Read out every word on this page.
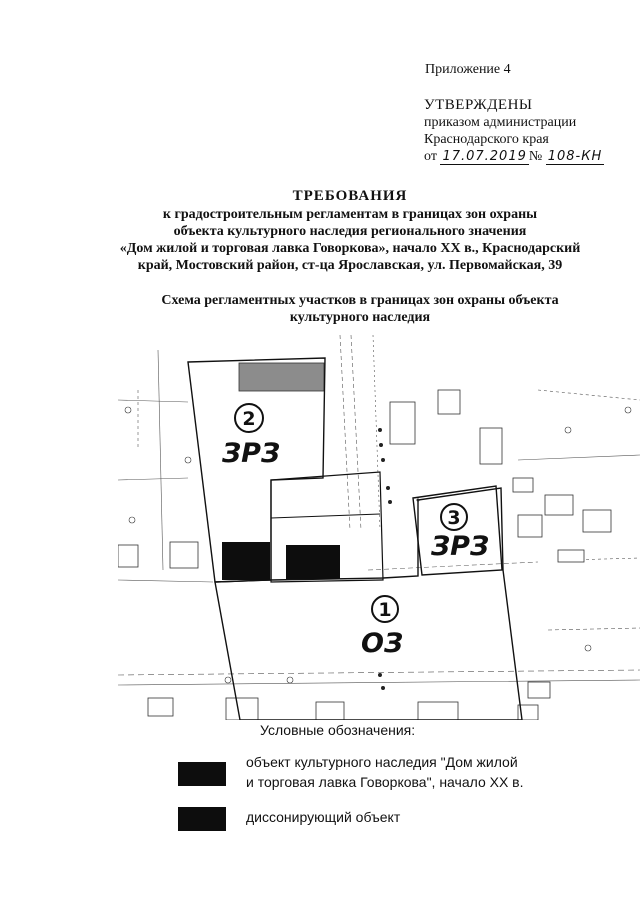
Приложение 4
УТВЕРЖДЕНЫ
приказом администрации
Краснодарского края
от 17.07.2019 № 108-КН
ТРЕБОВАНИЯ
к градостроительным регламентам в границах зон охраны
объекта культурного наследия регионального значения
«Дом жилой и торговая лавка Говоркова», начало XX в., Краснодарский
край, Мостовский район, ст-ца Ярославская, ул. Первомайская, 39
Схема регламентных участков в границах зон охраны объекта
культурного наследия
2
ЗРЗ
3
ЗРЗ
1
ОЗ
Условные обозначения:
объект культурного наследия "Дом жилой
и торговая лавка Говоркова", начало XX в.
диссонирующий объект
